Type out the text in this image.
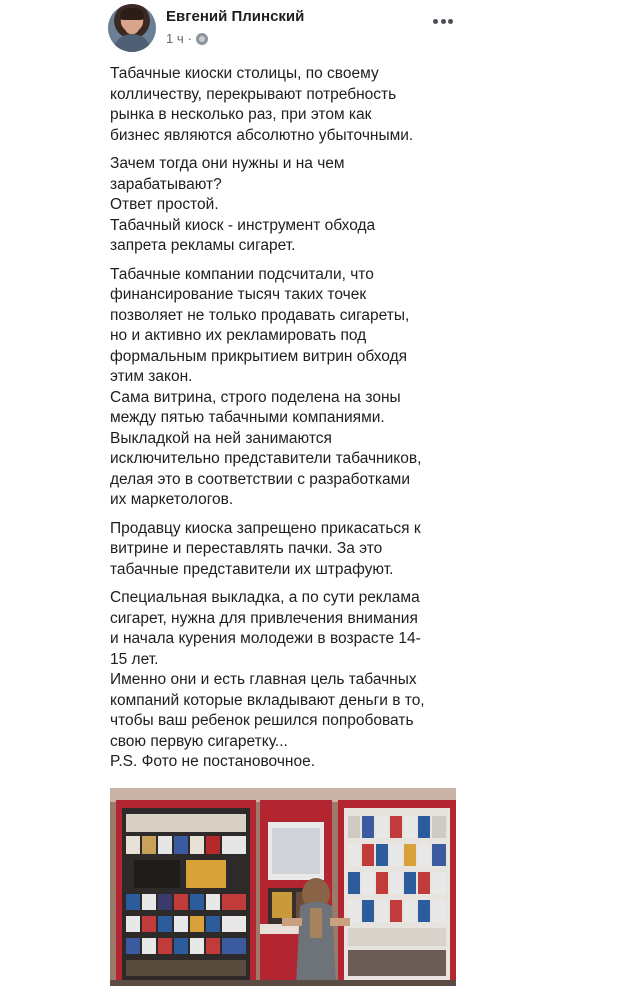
Евгений Плинский
1 ч ·

Табачные киоски столицы, по своему
колличеству, перекрывают потребность
рынка в несколько раз, при этом как
бизнес являются абсолютно убыточными.

Зачем тогда они нужны и на чем
зарабатывают?
Ответ простой.
Табачный киоск - инструмент обхода
запрета рекламы сигарет.

Табачные компании подсчитали, что
финансирование тысяч таких точек
позволяет не только продавать сигареты,
но и активно их рекламировать под
формальным прикрытием витрин обходя
этим закон.
Сама витрина, строго поделена на зоны
между пятью табачными компаниями.
Выкладкой на ней занимаются
исключительно представители табачников,
делая это в соответствии с разработками
их маркетологов.

Продавцу киоска запрещено прикасаться к
витрине и переставлять пачки. За это
табачные представители их штрафуют.

Специальная выкладка, а по сути реклама
сигарет, нужна для привлечения внимания
и начала курения молодежи в возрасте 14-
15 лет.
Именно они и есть главная цель табачных
компаний которые вкладывают деньги в то,
чтобы ваш ребенок решился попробовать
свою первую сигаретку...
P.S. Фото не постановочное.
